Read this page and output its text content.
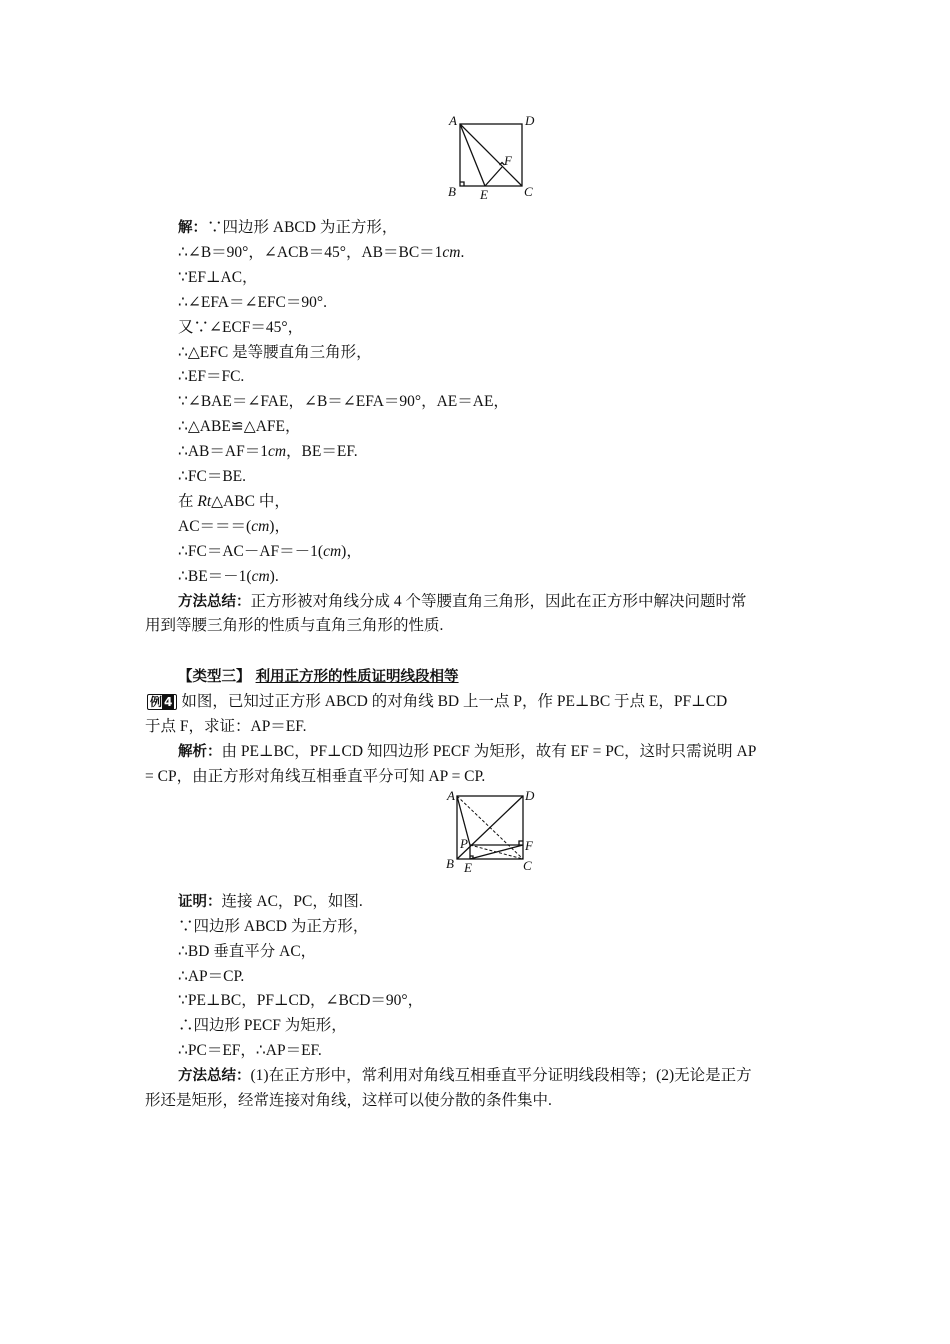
解：∵四边形 ABCD 为正方形，
∴∠B＝90°，∠ACB＝45°，AB＝BC＝1cm.
∵EF⊥AC，
∴∠EFA＝∠EFC＝90°.
又∵∠ECF＝45°，
∴△EFC 是等腰直角三角形，
∴EF＝FC.
∵∠BAE＝∠FAE，∠B＝∠EFA＝90°，AE＝AE，
∴△ABE≌△AFE，
∴AB＝AF＝1cm，BE＝EF.
∴FC＝BE.
在 Rt△ABC 中，
AC＝＝＝(cm)，
∴FC＝AC－AF＝－1(cm)，
∴BE＝－1(cm).
方法总结：正方形被对角线分成 4 个等腰直角三角形，因此在正方形中解决问题时常
用到等腰三角形的性质与直角三角形的性质.
【类型三】 利用正方形的性质证明线段相等
例 4 如图，已知过正方形 ABCD 的对角线 BD 上一点 P，作 PE⊥BC 于点 E，PF⊥CD
于点 F，求证：AP＝EF.
解析：由 PE⊥BC，PF⊥CD 知四边形 PECF 为矩形，故有 EF = PC，这时只需说明 AP
= CP，由正方形对角线互相垂直平分可知 AP = CP.
证明：连接 AC，PC，如图.
∵四边形 ABCD 为正方形，
∴BD 垂直平分 AC，
∴AP＝CP.
∵PE⊥BC，PF⊥CD，∠BCD＝90°，
∴四边形 PECF 为矩形，
∴PC＝EF，∴AP＝EF.
方法总结：(1)在正方形中，常利用对角线互相垂直平分证明线段相等；(2)无论是正方
形还是矩形，经常连接对角线，这样可以使分散的条件集中.
A	D
B E	C
F
A	D
P	F
B E	C
